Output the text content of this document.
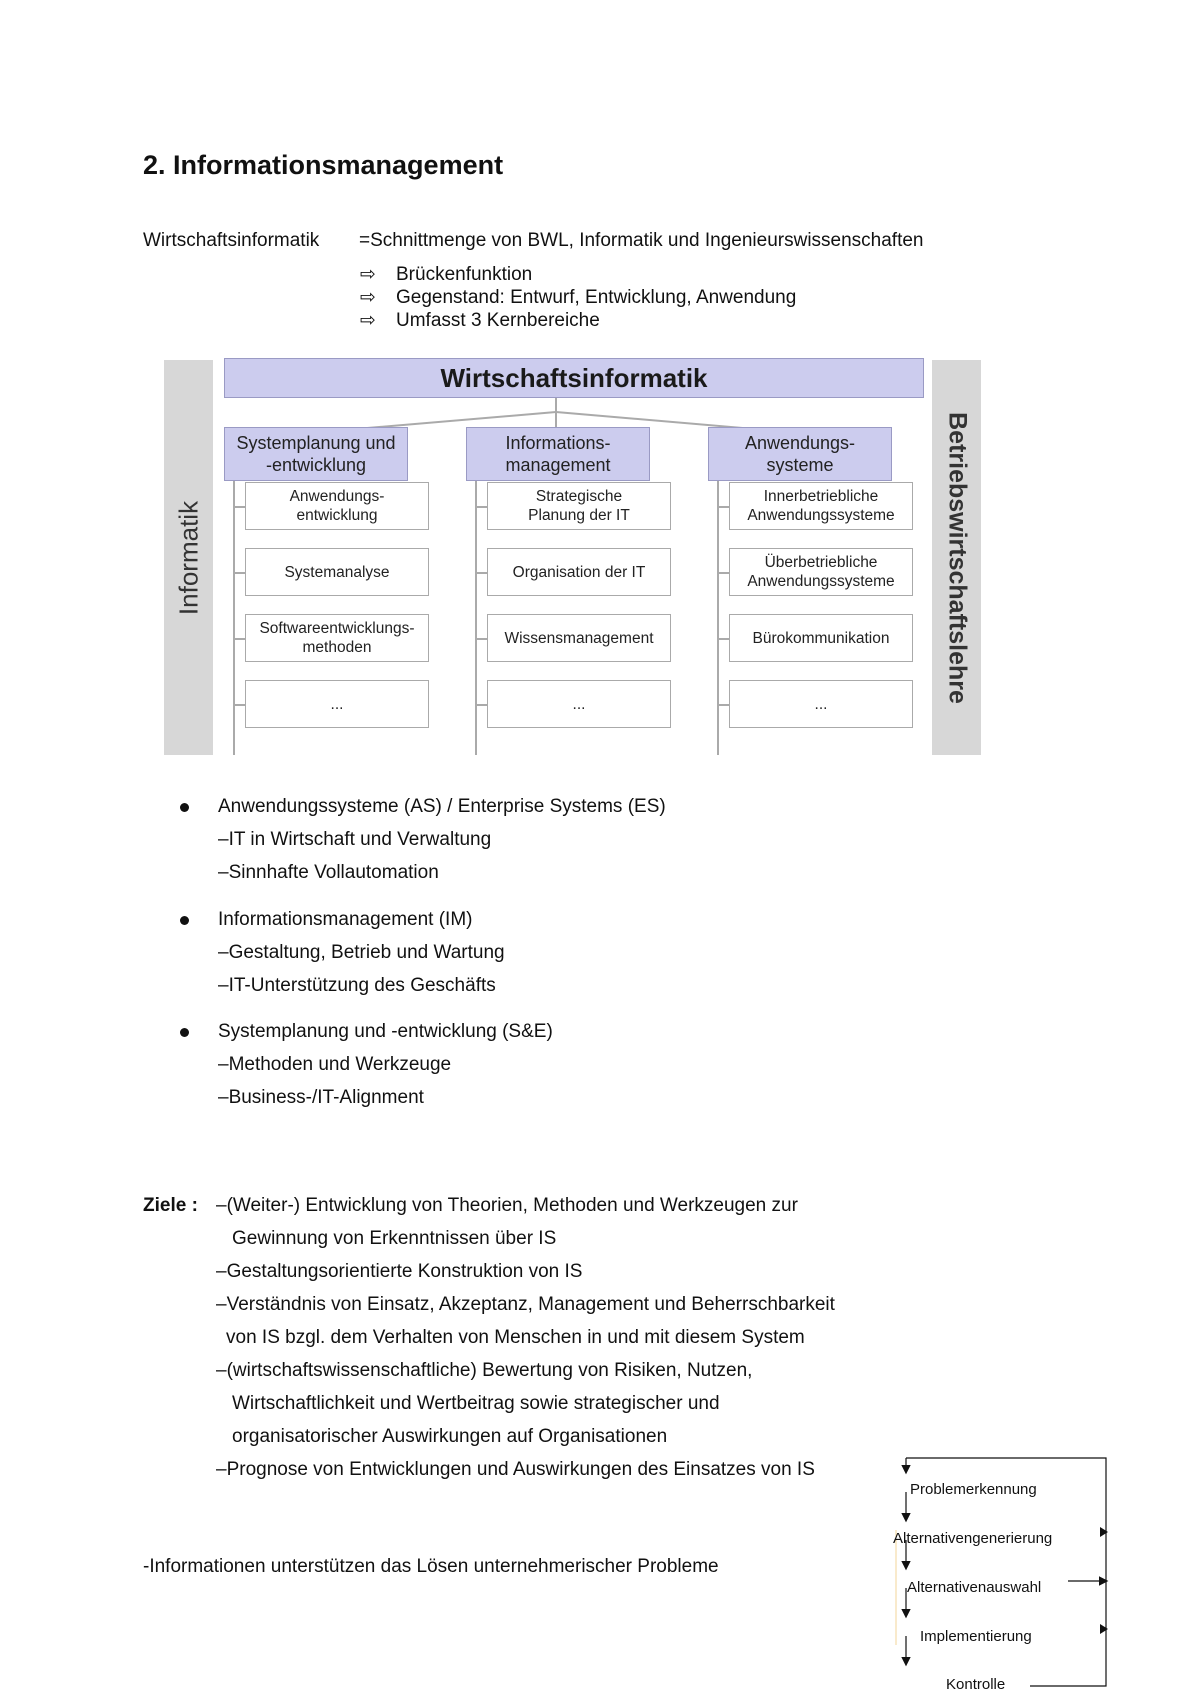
2. Informationsmanagement
Wirtschaftsinformatik =Schnittmenge von BWL, Informatik und Ingenieurswissenschaften
⇨ Brückenfunktion
⇨ Gegenstand: Entwurf, Entwicklung, Anwendung
⇨ Umfasst 3 Kernbereiche
Informatik	Betriebswirtschaftslehre
Wirtschaftsinformatik
Systemplanung und
-entwicklung
Anwendungs-
entwicklung
Systemanalyse
Softwareentwicklungs-
methoden
...
Informations-
management
Strategische
Planung der IT
Organisation der IT
Wissensmanagement
...
Anwendungs-
systeme
Innerbetriebliche
Anwendungssysteme
Überbetriebliche
Anwendungssysteme
Bürokommunikation
...
Anwendungssysteme (AS) / Enterprise Systems (ES)
–IT in Wirtschaft und Verwaltung
–Sinnhafte Vollautomation
Informationsmanagement (IM)
–Gestaltung, Betrieb und Wartung
–IT-Unterstützung des Geschäfts
Systemplanung und -entwicklung (S&E)
–Methoden und Werkzeuge
–Business-/IT-Alignment
Ziele : –(Weiter-) Entwicklung von Theorien, Methoden und Werkzeugen zur
Gewinnung von Erkenntnissen über IS
–Gestaltungsorientierte Konstruktion von IS
–Verständnis von Einsatz, Akzeptanz, Management und Beherrschbarkeit
von IS bzgl. dem Verhalten von Menschen in und mit diesem System
–(wirtschaftswissenschaftliche) Bewertung von Risiken, Nutzen,
Wirtschaftlichkeit und Wertbeitrag sowie strategischer und
organisatorischer Auswirkungen auf Organisationen
–Prognose von Entwicklungen und Auswirkungen des Einsatzes von IS
-Informationen unterstützen das Lösen unternehmerischer Probleme
Problemerkennung
Alternativengenerierung
Alternativenauswahl
Implementierung
Kontrolle
